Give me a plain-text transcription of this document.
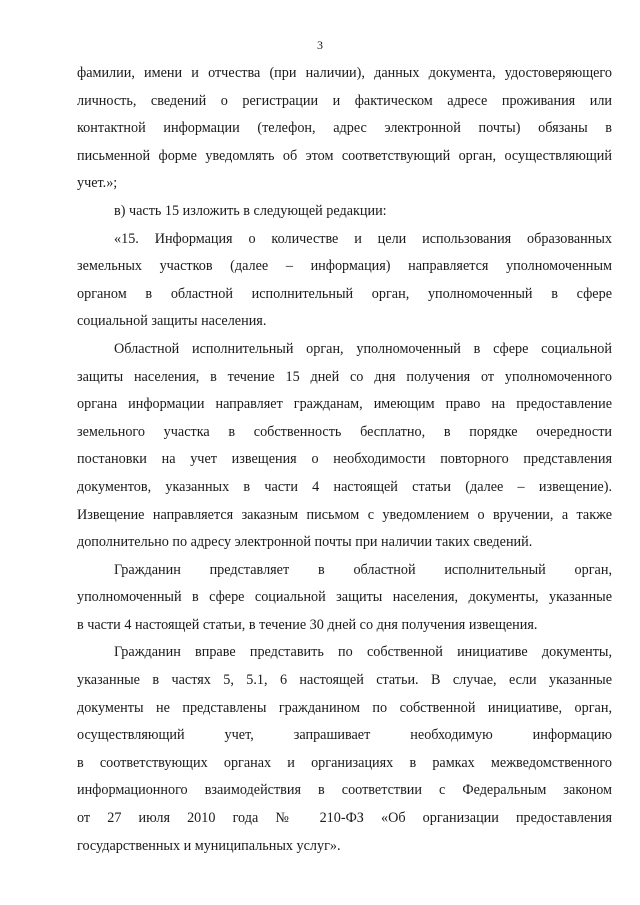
3
фамилии, имени и отчества (при наличии), данных документа, удостоверяющего
личность, сведений о регистрации и фактическом адресе проживания или
контактной информации (телефон, адрес электронной почты) обязаны в
письменной форме уведомлять об этом соответствующий орган, осуществляющий
учет.»;
в) часть 15 изложить в следующей редакции:
«15. Информация о количестве и цели использования образованных
земельных участков (далее – информация) направляется уполномоченным
органом в областной исполнительный орган, уполномоченный в сфере
социальной защиты населения.
Областной исполнительный орган, уполномоченный в сфере социальной
защиты населения, в течение 15 дней со дня получения от уполномоченного
органа информации направляет гражданам, имеющим право на предоставление
земельного участка в собственность бесплатно, в порядке очередности
постановки на учет извещения о необходимости повторного представления
документов, указанных в части 4 настоящей статьи (далее – извещение).
Извещение направляется заказным письмом с уведомлением о вручении, а также
дополнительно по адресу электронной почты при наличии таких сведений.
Гражданин представляет в областной исполнительный орган,
уполномоченный в сфере социальной защиты населения, документы, указанные
в части 4 настоящей статьи, в течение 30 дней со дня получения извещения.
Гражданин вправе представить по собственной инициативе документы,
указанные в частях 5, 5.1, 6 настоящей статьи. В случае, если указанные
документы не представлены гражданином по собственной инициативе, орган,
осуществляющий учет, запрашивает необходимую информацию
в соответствующих органах и организациях в рамках межведомственного
информационного взаимодействия в соответствии с Федеральным законом
от 27 июля 2010 года № 210-ФЗ «Об организации предоставления
государственных и муниципальных услуг».
